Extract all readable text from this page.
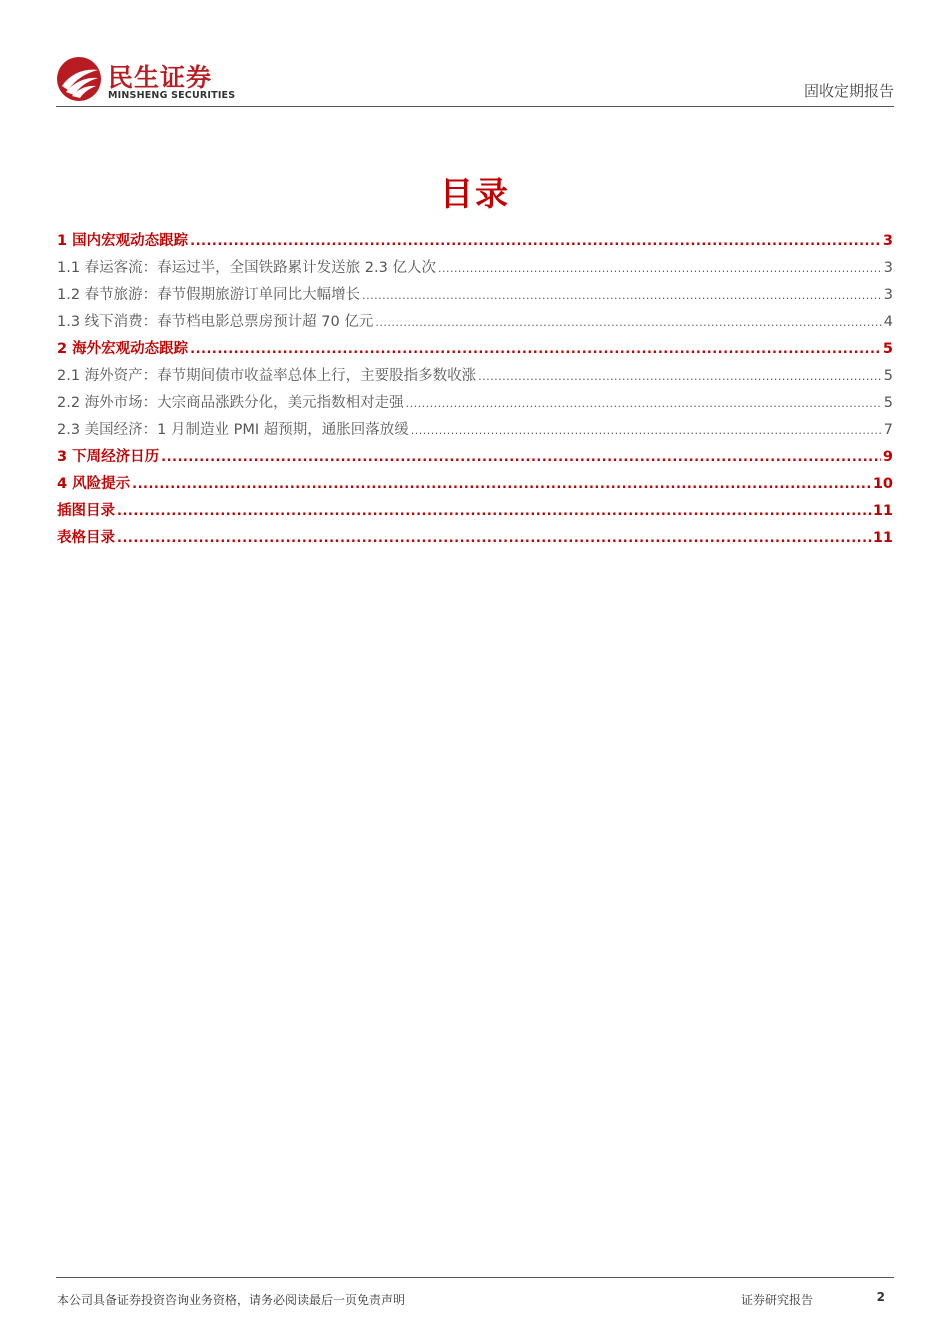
民生证券
MINSHENG SECURITIES	固收定期报告
目录
1 国内宏观动态跟踪 .....	3
1.1 春运客流：春运过半，全国铁路累计发送旅 2.3 亿人次 .....	3
1.2 春节旅游：春节假期旅游订单同比大幅增长 .....	3
1.3 线下消费：春节档电影总票房预计超 70 亿元 .....	4
2 海外宏观动态跟踪 .....	5
2.1 海外资产：春节期间债市收益率总体上行，主要股指多数收涨 .....	5
2.2 海外市场：大宗商品涨跌分化，美元指数相对走强 .....	5
2.3 美国经济：1 月制造业 PMI 超预期，通胀回落放缓 .....	7
3 下周经济日历 .....	9
4 风险提示 .....	10
插图目录 .....	11
表格目录 .....	11
本公司具备证券投资咨询业务资格，请务必阅读最后一页免责声明	证券研究报告	2
